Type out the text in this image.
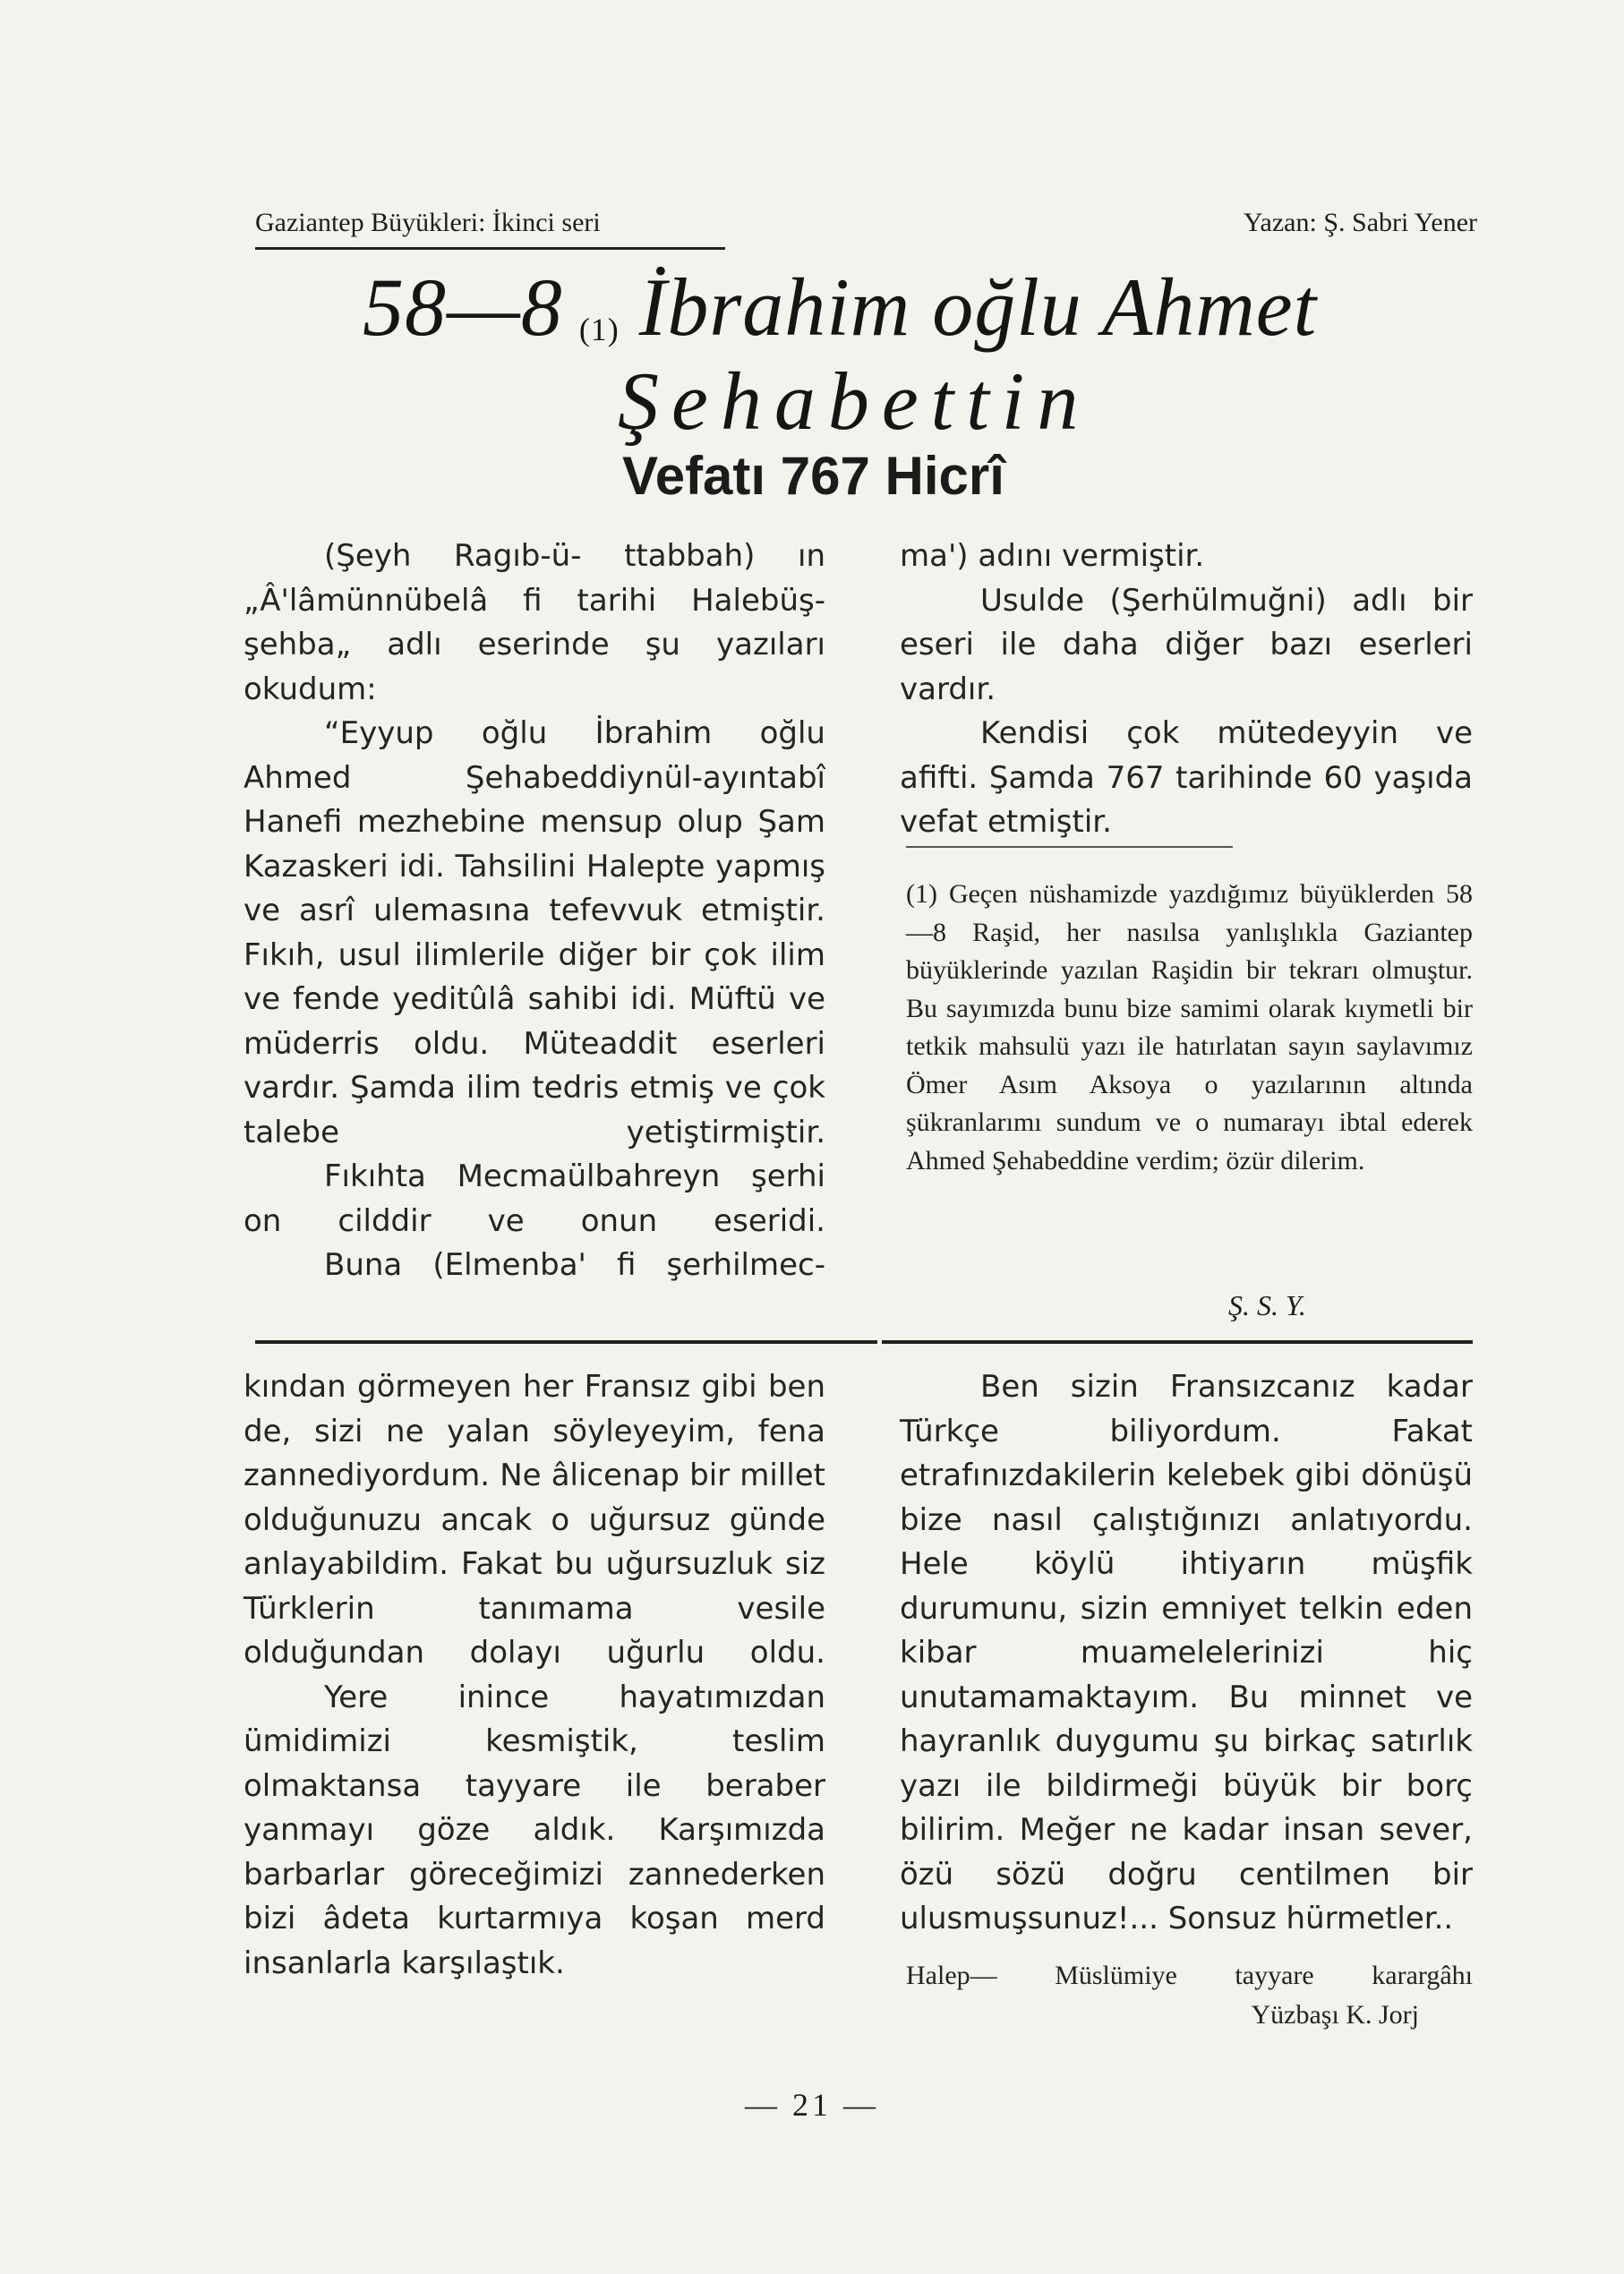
Gaziantep Büyükleri: İkinci seri	Yazan: Ş. Sabri Yener
58—8 (1) İbrahim oğlu Ahmet
Şehabettin
Vefatı 767 Hicrî

(Şeyh Ragıb-ü- ttabbah) ın „Â'lâmünnübelâ fi tarihi Halebüş-şehba„ adlı eserinde şu yazıları okudum:

“Eyyup oğlu İbrahim oğlu Ahmed Şehabeddiynül-ayıntabî Hanefi mezhebine mensup olup Şam Kazaskeri idi. Tahsilini Halepte yapmış ve asrî ulemasına tefevvuk etmiştir. Fıkıh, usul ilimlerile diğer bir çok ilim ve fende yeditûlâ sahibi idi. Müftü ve müderris oldu. Müteaddit eserleri vardır. Şamda ilim tedris etmiş ve çok talebe yetiştirmiştir.

Fıkıhta Mecmaülbahreyn şerhi on cilddir ve onun eseridi.

Buna (Elmenba' fi şerhilmec-

ma') adını vermiştir.

Usulde (Şerhülmuğni) adlı bir eseri ile daha diğer bazı eserleri vardır.

Kendisi çok mütedeyyin ve afifti. Şamda 767 tarihinde 60 yaşıda vefat etmiştir.

(1) Geçen nüshamizde yazdığımız büyüklerden 58—8 Raşid, her nasılsa yanlışlıkla Gaziantep büyüklerinde yazılan Raşidin bir tekrarı olmuştur. Bu sayımızda bunu bize samimi olarak kıymetli bir tetkik mahsulü yazı ile hatırlatan sayın saylavımız Ömer Asım Aksoya o yazılarının altında şükranlarımı sundum ve o numarayı ibtal ederek Ahmed Şehabeddine verdim; özür dilerim.

Ş. S. Y.

kından görmeyen her Fransız gibi ben de, sizi ne yalan söyleyeyim, fena zannediyordum. Ne âlicenap bir millet olduğunuzu ancak o uğursuz günde anlayabildim. Fakat bu uğursuzluk siz Türklerin tanımama vesile olduğundan dolayı uğurlu oldu.

Yere inince hayatımızdan ümidimizi kesmiştik, teslim olmaktansa tayyare ile beraber yanmayı göze aldık. Karşımızda barbarlar göreceğimizi zannederken bizi âdeta kurtarmıya koşan merd insanlarla karşılaştık.

Ben sizin Fransızcanız kadar Türkçe biliyordum. Fakat etrafınızdakilerin kelebek gibi dönüşü bize nasıl çalıştığınızı anlatıyordu. Hele köylü ihtiyarın müşfik durumunu, sizin emniyet telkin eden kibar muamelelerinizi hiç unutamamaktayım. Bu minnet ve hayranlık duygumu şu birkaç satırlık yazı ile bildirmeği büyük bir borç bilirim. Meğer ne kadar insan sever, özü sözü doğru centilmen bir ulusmuşsunuz!... Sonsuz hürmetler..

Halep— Müslümiye tayyare karargâhı
Yüzbaşı K. Jorj
— 21 —
